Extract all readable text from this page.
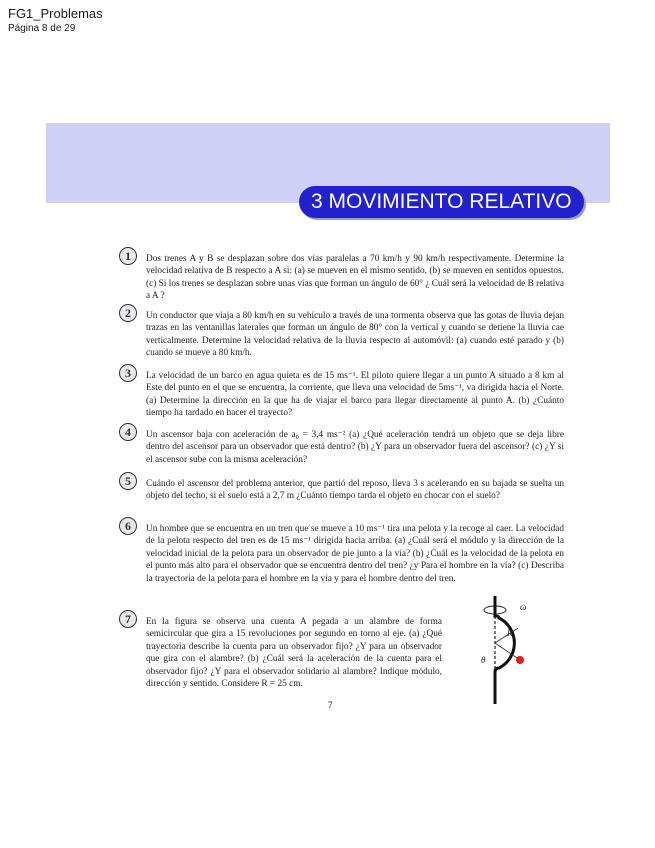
FG1_Problemas
Página 8 de 29
3 MOVIMIENTO RELATIVO
1	Dos trenes A y B se desplazan sobre dos vías paralelas a 70 km/h y 90 km/h respectivamente. Determine la velocidad relativa de B respecto a A si: (a) se mueven en el mismo sentido, (b) se mueven en sentidos opuestos. (c) Si los trenes se desplazan sobre unas vías que forman un ángulo de 60° ¿ Cuál será la velocidad de B relativa a A ?
2	Un conductor que viaja a 80 km/h en su vehículo a través de una tormenta observa que las gotas de lluvia dejan trazas en las ventanillas laterales que forman un ángulo de 80° con la vertical y cuando se detiene la lluvia cae verticalmente. Determine la velocidad relativa de la lluvia respecto al automóvil: (a) cuando esté parado y (b) cuando se mueve a 80 km/h.
3	La velocidad de un barco en agua quieta es de 15 ms⁻¹. El piloto quiere llegar a un punto A situado a 8 km al Este del punto en el que se encuentra, la corriente, que lleva una velocidad de 5ms⁻¹, va dirigida hacia el Norte. (a) Determine la dirección en la que ha de viajar el barco para llegar directamente al punto A. (b) ¿Cuánto tiempo ha tardado en hacer el trayecto?
4	Un ascensor baja con aceleración de a₀ = 3,4 ms⁻² (a) ¿Qué aceleración tendrá un objeto que se deja libre dentro del ascensor para un observador que está dentro? (b) ¿Y para un observador fuera del ascensor? (c) ¿Y si el ascensor sube con la misma aceleración?
5	Cuándo el ascensor del problema anterior, que partió del reposo, lleva 3 s acelerando en su bajada se suelta un objeto del techo, si el suelo está a 2,7 m ¿Cuánto tiempo tarda el objeto en chocar con el suelo?
6	Un hombre que se encuentra en un tren que se mueve a 10 ms⁻¹ tira una pelota y la recoge al caer. La velocidad de la pelota respecto del tren es de 15 ms⁻¹ dirigida hacia arriba. (a) ¿Cuál será el módulo y la dirección de la velocidad inicial de la pelota para un observador de pie junto a la vía? (b) ¿Cuál es la velocidad de la pelota en el punto más alto para el observador que se encuentra dentro del tren? ¿y Para el hombre en la vía? (c) Describa la trayectoria de la pelota para el hombre en la vía y para el hombre dentro del tren.
7	En la figura se observa una cuenta A pegada a un alambre de forma semicircular que gira a 15 revoluciones por segundo en torno al eje. (a) ¿Qué trayectoria describe la cuenta para un observador fijo? ¿Y para un observador que gira con el alambre? (b) ¿Cuál será la aceleración de la cuenta para el observador fijo? ¿Y para el observador solidario al alambre? Indique módulo, dirección y sentido. Considere R = 25 cm.
ω
R
θ
7
